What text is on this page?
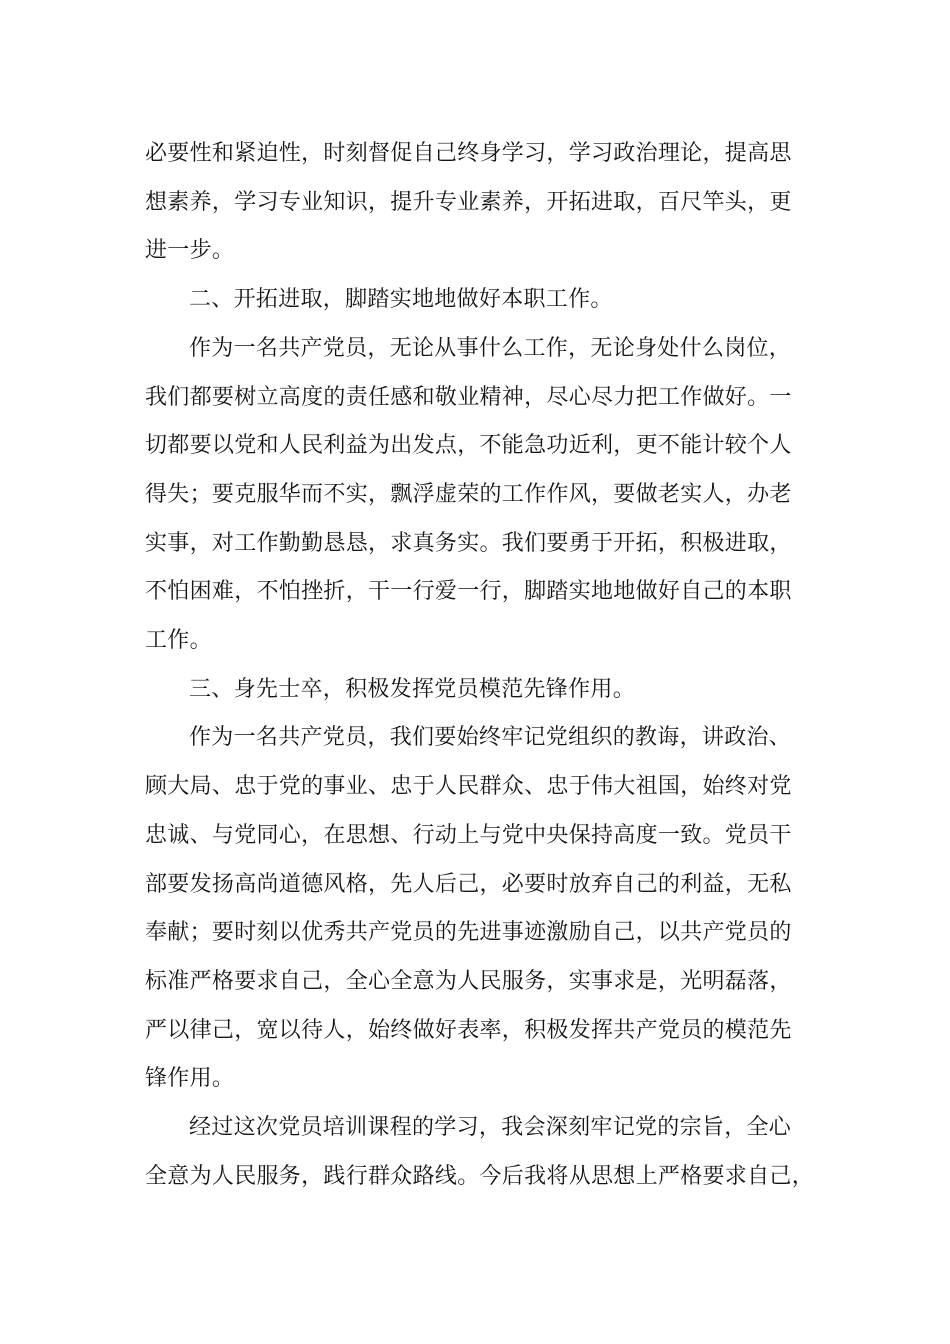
必要性和紧迫性，时刻督促自己终身学习，学习政治理论，提高思
想素养，学习专业知识，提升专业素养，开拓进取，百尺竿头，更
进一步。

二、开拓进取，脚踏实地地做好本职工作。

作为一名共产党员，无论从事什么工作，无论身处什么岗位，
我们都要树立高度的责任感和敬业精神，尽心尽力把工作做好。一
切都要以党和人民利益为出发点，不能急功近利，更不能计较个人
得失；要克服华而不实，飘浮虚荣的工作作风，要做老实人，办老
实事，对工作勤勤恳恳，求真务实。我们要勇于开拓，积极进取，
不怕困难，不怕挫折，干一行爱一行，脚踏实地地做好自己的本职
工作。

三、身先士卒，积极发挥党员模范先锋作用。

作为一名共产党员，我们要始终牢记党组织的教诲，讲政治、
顾大局、忠于党的事业、忠于人民群众、忠于伟大祖国，始终对党
忠诚、与党同心，在思想、行动上与党中央保持高度一致。党员干
部要发扬高尚道德风格，先人后己，必要时放弃自己的利益，无私
奉献；要时刻以优秀共产党员的先进事迹激励自己，以共产党员的
标准严格要求自己，全心全意为人民服务，实事求是，光明磊落，
严以律己，宽以待人，始终做好表率，积极发挥共产党员的模范先
锋作用。

经过这次党员培训课程的学习，我会深刻牢记党的宗旨，全心
全意为人民服务，践行群众路线。今后我将从思想上严格要求自己，
